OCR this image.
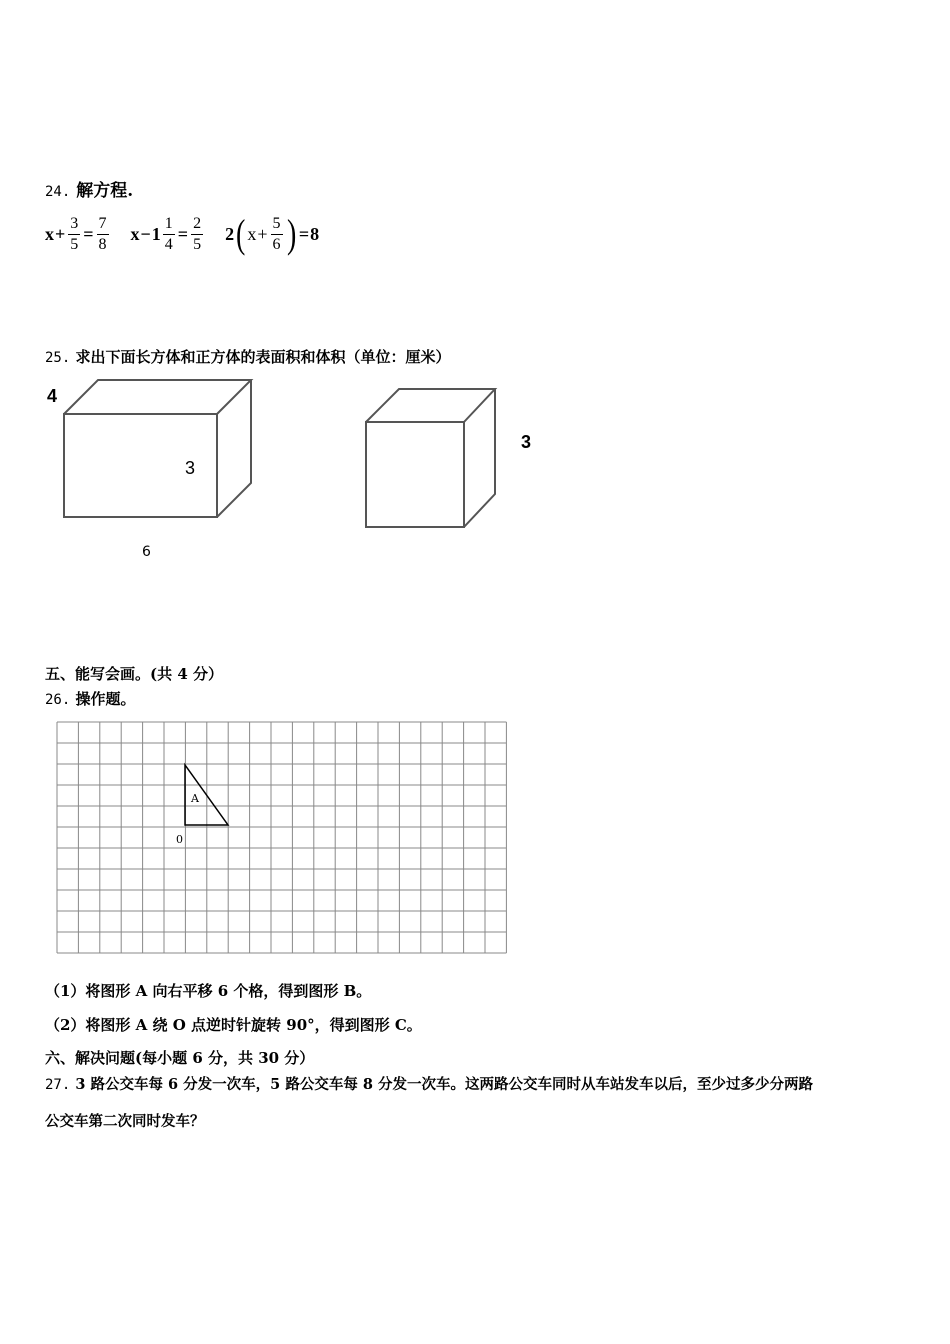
24. 解方程.
$x + \frac{3}{5} = \frac{7}{8}$ $x - 1 \frac{1}{4} = \frac{2}{5} 2$ ( $x + \frac{5}{6}$ ) = 8
25. 求出下面长方体和正方体的表面积和体积（单位：厘米）
4
3
6
3
五、能写会画。(共 4 分）
26. 操作题。
A
0
（1）将图形 A 向右平移 6 个格，得到图形 B。
（2）将图形 A 绕 O 点逆时针旋转 90°，得到图形 C。
六、解决问题(每小题 6 分，共 30 分）
27. 3 路公交车每 6 分发一次车，5 路公交车每 8 分发一次车。这两路公交车同时从车站发车以后，至少过多少分两路
公交车第二次同时发车？
